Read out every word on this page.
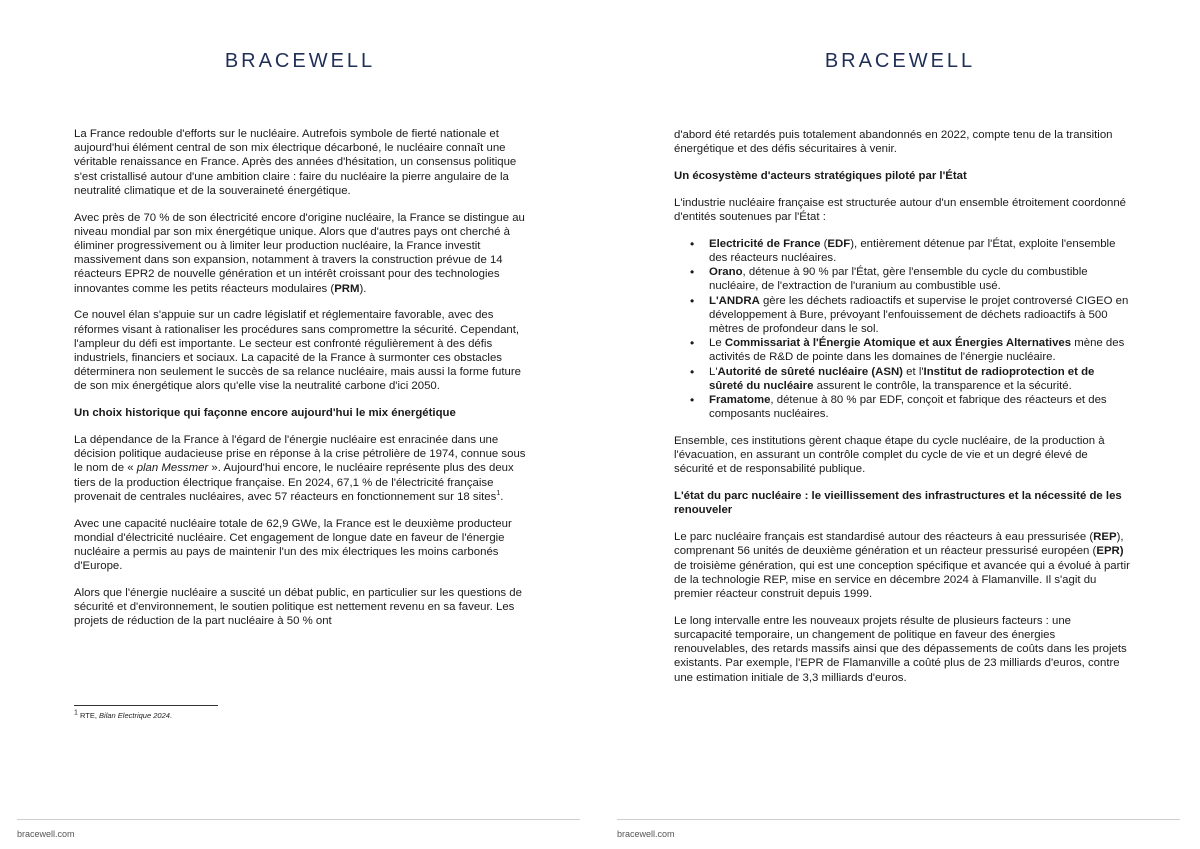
BRACEWELL

La France redouble d'efforts sur le nucléaire. Autrefois symbole de fierté nationale et aujourd'hui élément central de son mix électrique décarboné, le nucléaire connaît une véritable renaissance en France. Après des années d'hésitation, un consensus politique s'est cristallisé autour d'une ambition claire : faire du nucléaire la pierre angulaire de la neutralité climatique et de la souveraineté énergétique.

Avec près de 70 % de son électricité encore d'origine nucléaire, la France se distingue au niveau mondial par son mix énergétique unique. Alors que d'autres pays ont cherché à éliminer progressivement ou à limiter leur production nucléaire, la France investit massivement dans son expansion, notamment à travers la construction prévue de 14 réacteurs EPR2 de nouvelle génération et un intérêt croissant pour des technologies innovantes comme les petits réacteurs modulaires (PRM).

Ce nouvel élan s'appuie sur un cadre législatif et réglementaire favorable, avec des réformes visant à rationaliser les procédures sans compromettre la sécurité. Cependant, l'ampleur du défi est importante. Le secteur est confronté régulièrement à des défis industriels, financiers et sociaux. La capacité de la France à surmonter ces obstacles déterminera non seulement le succès de sa relance nucléaire, mais aussi la forme future de son mix énergétique alors qu'elle vise la neutralité carbone d'ici 2050.

Un choix historique qui façonne encore aujourd'hui le mix énergétique

La dépendance de la France à l'égard de l'énergie nucléaire est enracinée dans une décision politique audacieuse prise en réponse à la crise pétrolière de 1974, connue sous le nom de « plan Messmer ». Aujourd'hui encore, le nucléaire représente plus des deux tiers de la production électrique française. En 2024, 67,1 % de l'électricité française provenait de centrales nucléaires, avec 57 réacteurs en fonctionnement sur 18 sites$^1$.

Avec une capacité nucléaire totale de 62,9 GWe, la France est le deuxième producteur mondial d'électricité nucléaire. Cet engagement de longue date en faveur de l'énergie nucléaire a permis au pays de maintenir l'un des mix électriques les moins carbonés d'Europe.

Alors que l'énergie nucléaire a suscité un débat public, en particulier sur les questions de sécurité et d'environnement, le soutien politique est nettement revenu en sa faveur. Les projets de réduction de la part nucléaire à 50 % ont

$^1$ RTE, Bilan Electrique 2024.
bracewell.com
BRACEWELL

d'abord été retardés puis totalement abandonnés en 2022, compte tenu de la transition énergétique et des défis sécuritaires à venir.

Un écosystème d'acteurs stratégiques piloté par l'État

L'industrie nucléaire française est structurée autour d'un ensemble étroitement coordonné d'entités soutenues par l'État :

• Electricité de France (EDF), entièrement détenue par l'État, exploite l'ensemble des réacteurs nucléaires.
• Orano, détenue à 90 % par l'État, gère l'ensemble du cycle du combustible nucléaire, de l'extraction de l'uranium au combustible usé.
• L'ANDRA gère les déchets radioactifs et supervise le projet controversé CIGEO en développement à Bure, prévoyant l'enfouissement de déchets radioactifs à 500 mètres de profondeur dans le sol.
• Le Commissariat à l'Énergie Atomique et aux Énergies Alternatives mène des activités de R&D de pointe dans les domaines de l'énergie nucléaire.
• L'Autorité de sûreté nucléaire (ASN) et l'Institut de radioprotection et de sûreté du nucléaire assurent le contrôle, la transparence et la sécurité.
• Framatome, détenue à 80 % par EDF, conçoit et fabrique des réacteurs et des composants nucléaires.

Ensemble, ces institutions gèrent chaque étape du cycle nucléaire, de la production à l'évacuation, en assurant un contrôle complet du cycle de vie et un degré élevé de sécurité et de responsabilité publique.

L'état du parc nucléaire : le vieillissement des infrastructures et la nécessité de les renouveler

Le parc nucléaire français est standardisé autour des réacteurs à eau pressurisée (REP), comprenant 56 unités de deuxième génération et un réacteur pressurisé européen (EPR) de troisième génération, qui est une conception spécifique et avancée qui a évolué à partir de la technologie REP, mise en service en décembre 2024 à Flamanville. Il s'agit du premier réacteur construit depuis 1999.

Le long intervalle entre les nouveaux projets résulte de plusieurs facteurs : une surcapacité temporaire, un changement de politique en faveur des énergies renouvelables, des retards massifs ainsi que des dépassements de coûts dans les projets existants. Par exemple, l'EPR de Flamanville a coûté plus de 23 milliards d'euros, contre une estimation initiale de 3,3 milliards d'euros.

bracewell.com
